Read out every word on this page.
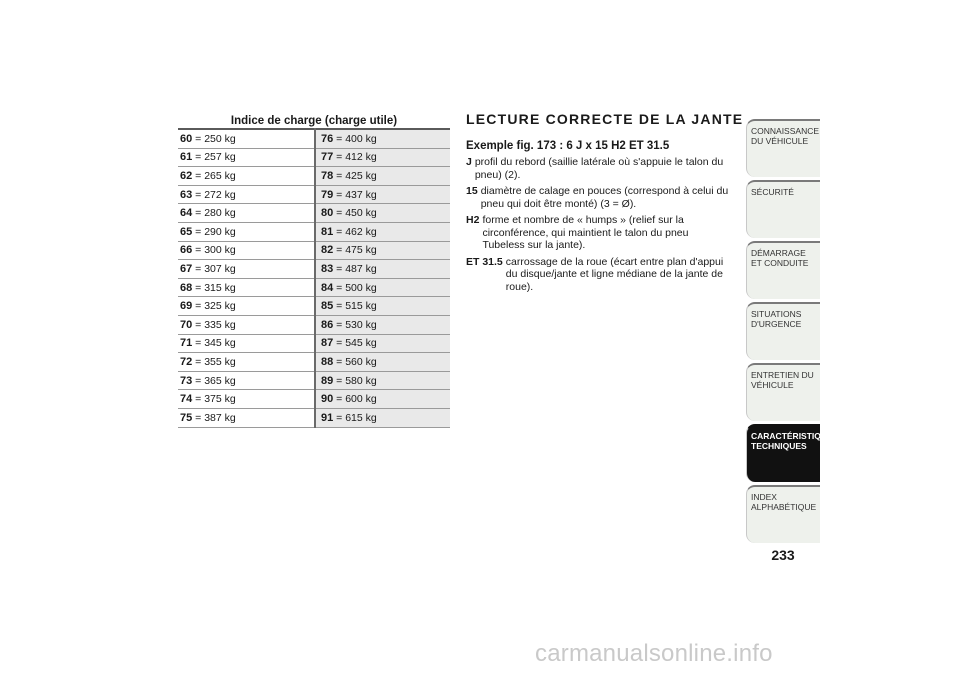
Indice de charge (charge utile)
60 = 250 kg	76 = 400 kg
61 = 257 kg	77 = 412 kg
62 = 265 kg	78 = 425 kg
63 = 272 kg	79 = 437 kg
64 = 280 kg	80 = 450 kg
65 = 290 kg	81 = 462 kg
66 = 300 kg	82 = 475 kg
67 = 307 kg	83 = 487 kg
68 = 315 kg	84 = 500 kg
69 = 325 kg	85 = 515 kg
70 = 335 kg	86 = 530 kg
71 = 345 kg	87 = 545 kg
72 = 355 kg	88 = 560 kg
73 = 365 kg	89 = 580 kg
74 = 375 kg	90 = 600 kg
75 = 387 kg	91 = 615 kg
LECTURE CORRECTE DE LA JANTE

Exemple fig. 173 : 6 J x 15 H2 ET 31.5

J profil du rebord (saillie latérale où s'appuie le talon du pneu) (2).
15 diamètre de calage en pouces (correspond à celui du pneu qui doit être monté) (3 = Ø).
H2 forme et nombre de « humps » (relief sur la circonférence, qui maintient le talon du pneu Tubeless sur la jante).
ET 31.5 carrossage de la roue (écart entre plan d'appui du disque/jante et ligne médiane de la jante de roue).
CONNAISSANCE DU VÉHICULE
SÉCURITÉ
DÉMARRAGE ET CONDUITE
SITUATIONS D'URGENCE
ENTRETIEN DU VÉHICULE
CARACTÉRISTIQUES TECHNIQUES
INDEX ALPHABÉTIQUE
233
carmanualsonline.info
